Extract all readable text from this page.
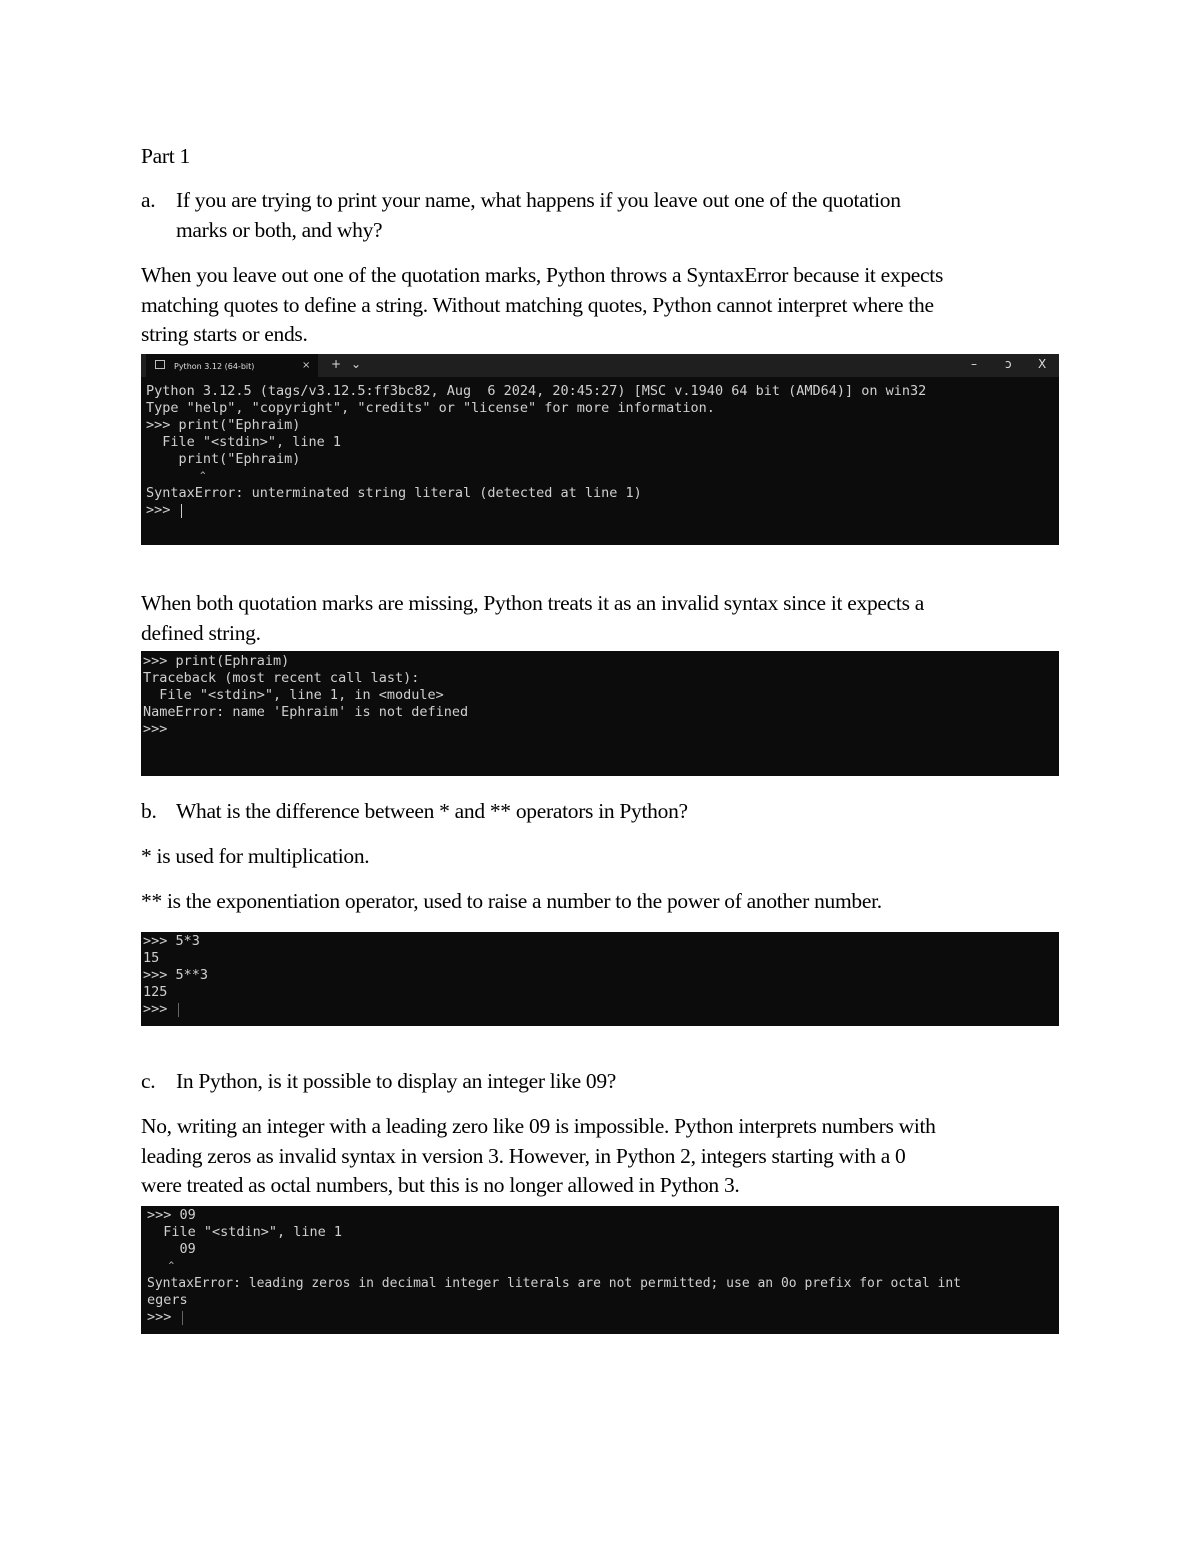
Part 1
a. If you are trying to print your name, what happens if you leave out one of the quotation
marks or both, and why?
When you leave out one of the quotation marks, Python throws a SyntaxError because it expects
matching quotes to define a string. Without matching quotes, Python cannot interpret where the
string starts or ends.
Python 3.12 (64-bit)	× + ⌄	– ↄ X
Python 3.12.5 (tags/v3.12.5:ff3bc82, Aug  6 2024, 20:45:27) [MSC v.1940 64 bit (AMD64)] on win32
Type "help", "copyright", "credits" or "license" for more information.
>>> print("Ephraim)
File "<stdin>", line 1
print("Ephraim)
^
SyntaxError: unterminated string literal (detected at line 1)
>>>
When both quotation marks are missing, Python treats it as an invalid syntax since it expects a
defined string.
>>> print(Ephraim)
Traceback (most recent call last):
File "<stdin>", line 1, in <module>
NameError: name 'Ephraim' is not defined
>>>
b. What is the difference between * and ** operators in Python?
* is used for multiplication.
** is the exponentiation operator, used to raise a number to the power of another number.
>>> 5*3
15
>>> 5**3
125
>>>
c. In Python, is it possible to display an integer like 09?
No, writing an integer with a leading zero like 09 is impossible. Python interprets numbers with
leading zeros as invalid syntax in version 3. However, in Python 2, integers starting with a 0
were treated as octal numbers, but this is no longer allowed in Python 3.
>>> 09
File "<stdin>", line 1
09
^
SyntaxError: leading zeros in decimal integer literals are not permitted; use an 0o prefix for octal int
egers
>>>
